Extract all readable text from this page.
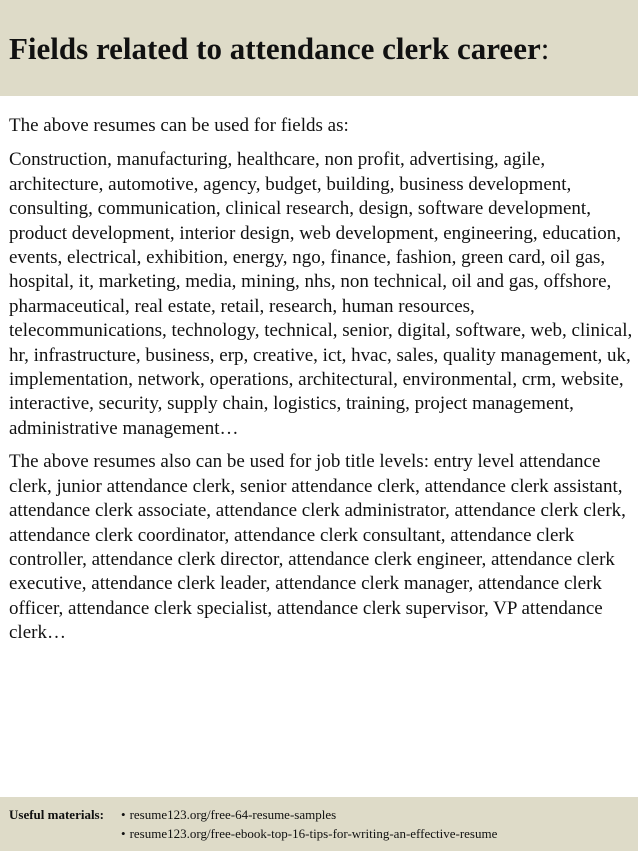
Fields related to attendance clerk career:

The above resumes can be used for fields as:

Construction, manufacturing, healthcare, non profit, advertising, agile, architecture, automotive, agency, budget, building, business development, consulting, communication, clinical research, design, software development, product development, interior design, web development, engineering, education, events, electrical, exhibition, energy, ngo, finance, fashion, green card, oil gas, hospital, it, marketing, media, mining, nhs, non technical, oil and gas, offshore, pharmaceutical, real estate, retail, research, human resources, telecommunications, technology, technical, senior, digital, software, web, clinical, hr, infrastructure, business, erp, creative, ict, hvac, sales, quality management, uk, implementation, network, operations, architectural, environmental, crm, website, interactive, security, supply chain, logistics, training, project management, administrative management…

The above resumes also can be used for job title levels: entry level attendance clerk, junior attendance clerk, senior attendance clerk, attendance clerk assistant, attendance clerk associate, attendance clerk administrator, attendance clerk clerk, attendance clerk coordinator, attendance clerk consultant, attendance clerk controller, attendance clerk director, attendance clerk engineer, attendance clerk executive, attendance clerk leader, attendance clerk manager, attendance clerk officer, attendance clerk specialist, attendance clerk supervisor, VP attendance clerk…

Useful materials: • resume123.org/free-64-resume-samples
• resume123.org/free-ebook-top-16-tips-for-writing-an-effective-resume
